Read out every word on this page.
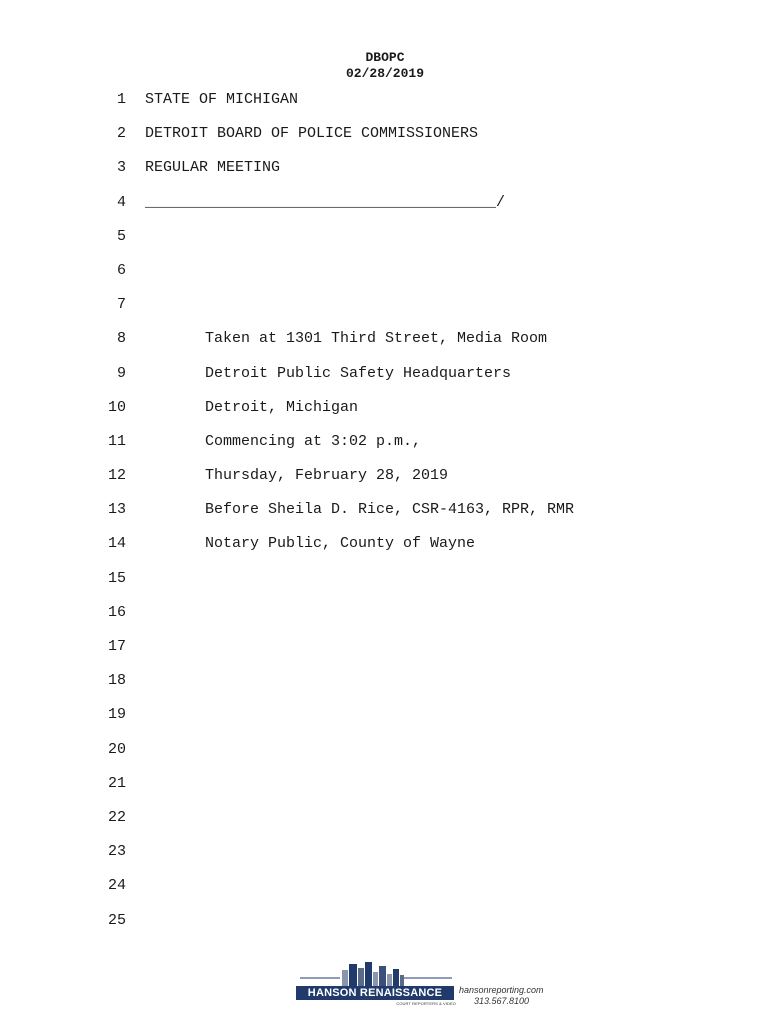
DBOPC
02/28/2019
1 STATE OF MICHIGAN
2 DETROIT BOARD OF POLICE COMMISSIONERS
3 REGULAR MEETING
4 _______________________________________/
5
6
7
8	Taken at 1301 Third Street, Media Room
9	Detroit Public Safety Headquarters
10	Detroit, Michigan
11	Commencing at 3:02 p.m.,
12	Thursday, February 28, 2019
13	Before Sheila D. Rice, CSR-4163, RPR, RMR
14	Notary Public, County of Wayne
15
16
17
18
19
20
21
22
23
24
25
HANSON RENAISSANCE
COURT REPORTERS & VIDEO
hansonreporting.com
313.567.8100
